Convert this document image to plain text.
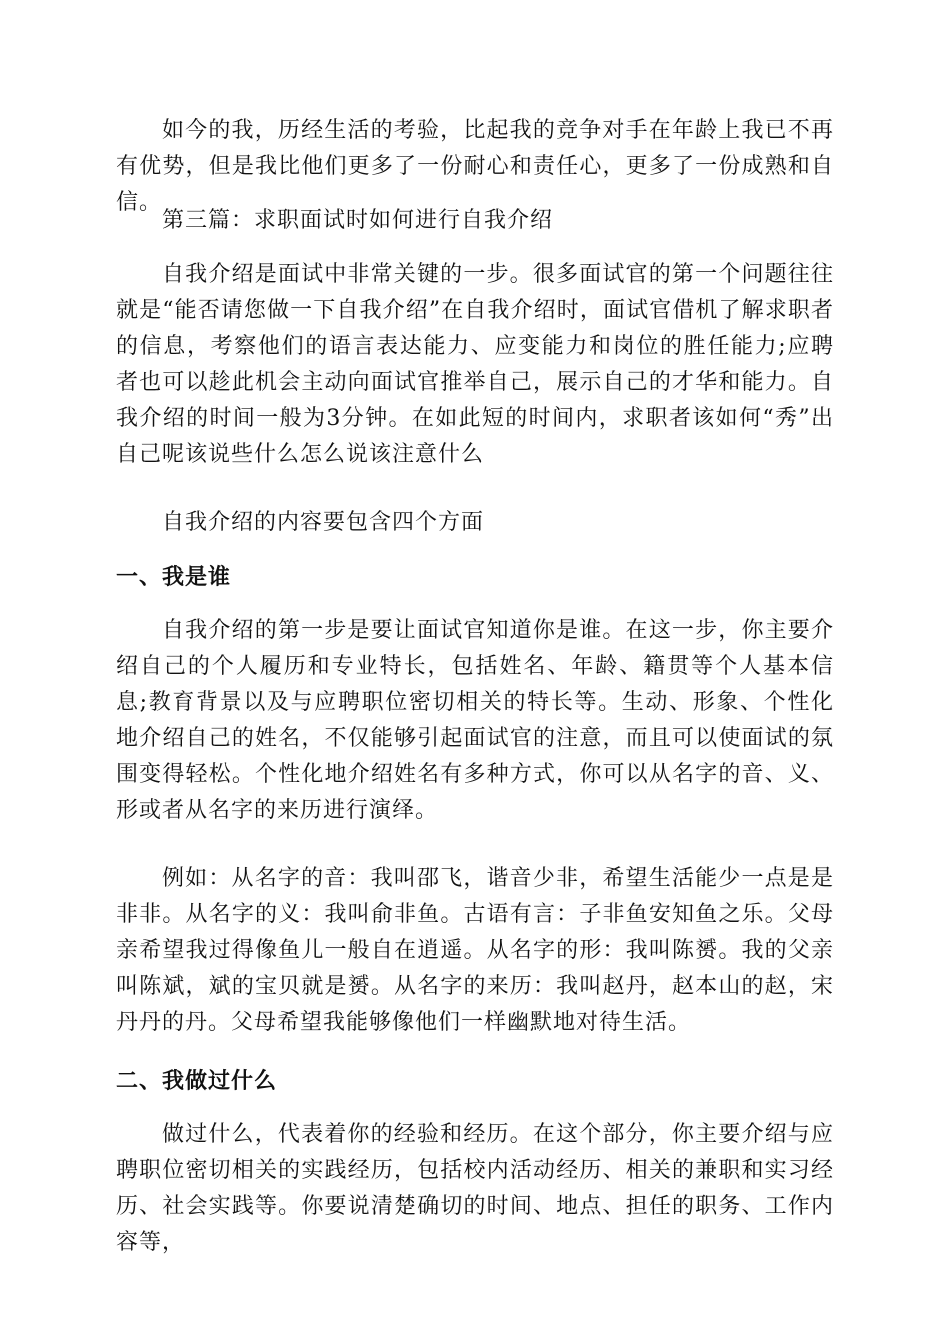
如今的我，历经生活的考验，比起我的竞争对手在年龄上我已不再有优势，但是我比他们更多了一份耐心和责任心，更多了一份成熟和自信。

第三篇：求职面试时如何进行自我介绍

自我介绍是面试中非常关键的一步。很多面试官的第一个问题往往就是“能否请您做一下自我介绍”在自我介绍时，面试官借机了解求职者的信息，考察他们的语言表达能力、应变能力和岗位的胜任能力;应聘者也可以趁此机会主动向面试官推举自己，展示自己的才华和能力。自我介绍的时间一般为3分钟。在如此短的时间内，求职者该如何“秀”出自己呢该说些什么怎么说该注意什么

自我介绍的内容要包含四个方面

一、我是谁

自我介绍的第一步是要让面试官知道你是谁。在这一步，你主要介绍自己的个人履历和专业特长，包括姓名、年龄、籍贯等个人基本信息;教育背景以及与应聘职位密切相关的特长等。生动、形象、个性化地介绍自己的姓名，不仅能够引起面试官的注意，而且可以使面试的氛围变得轻松。个性化地介绍姓名有多种方式，你可以从名字的音、义、形或者从名字的来历进行演绎。

例如：从名字的音：我叫邵飞，谐音少非，希望生活能少一点是是非非。从名字的义：我叫俞非鱼。古语有言：子非鱼安知鱼之乐。父母亲希望我过得像鱼儿一般自在逍遥。从名字的形：我叫陈赟。我的父亲叫陈斌，斌的宝贝就是赟。从名字的来历：我叫赵丹，赵本山的赵，宋丹丹的丹。父母希望我能够像他们一样幽默地对待生活。

二、我做过什么

做过什么，代表着你的经验和经历。在这个部分，你主要介绍与应聘职位密切相关的实践经历，包括校内活动经历、相关的兼职和实习经历、社会实践等。你要说清楚确切的时间、地点、担任的职务、工作内容等，
